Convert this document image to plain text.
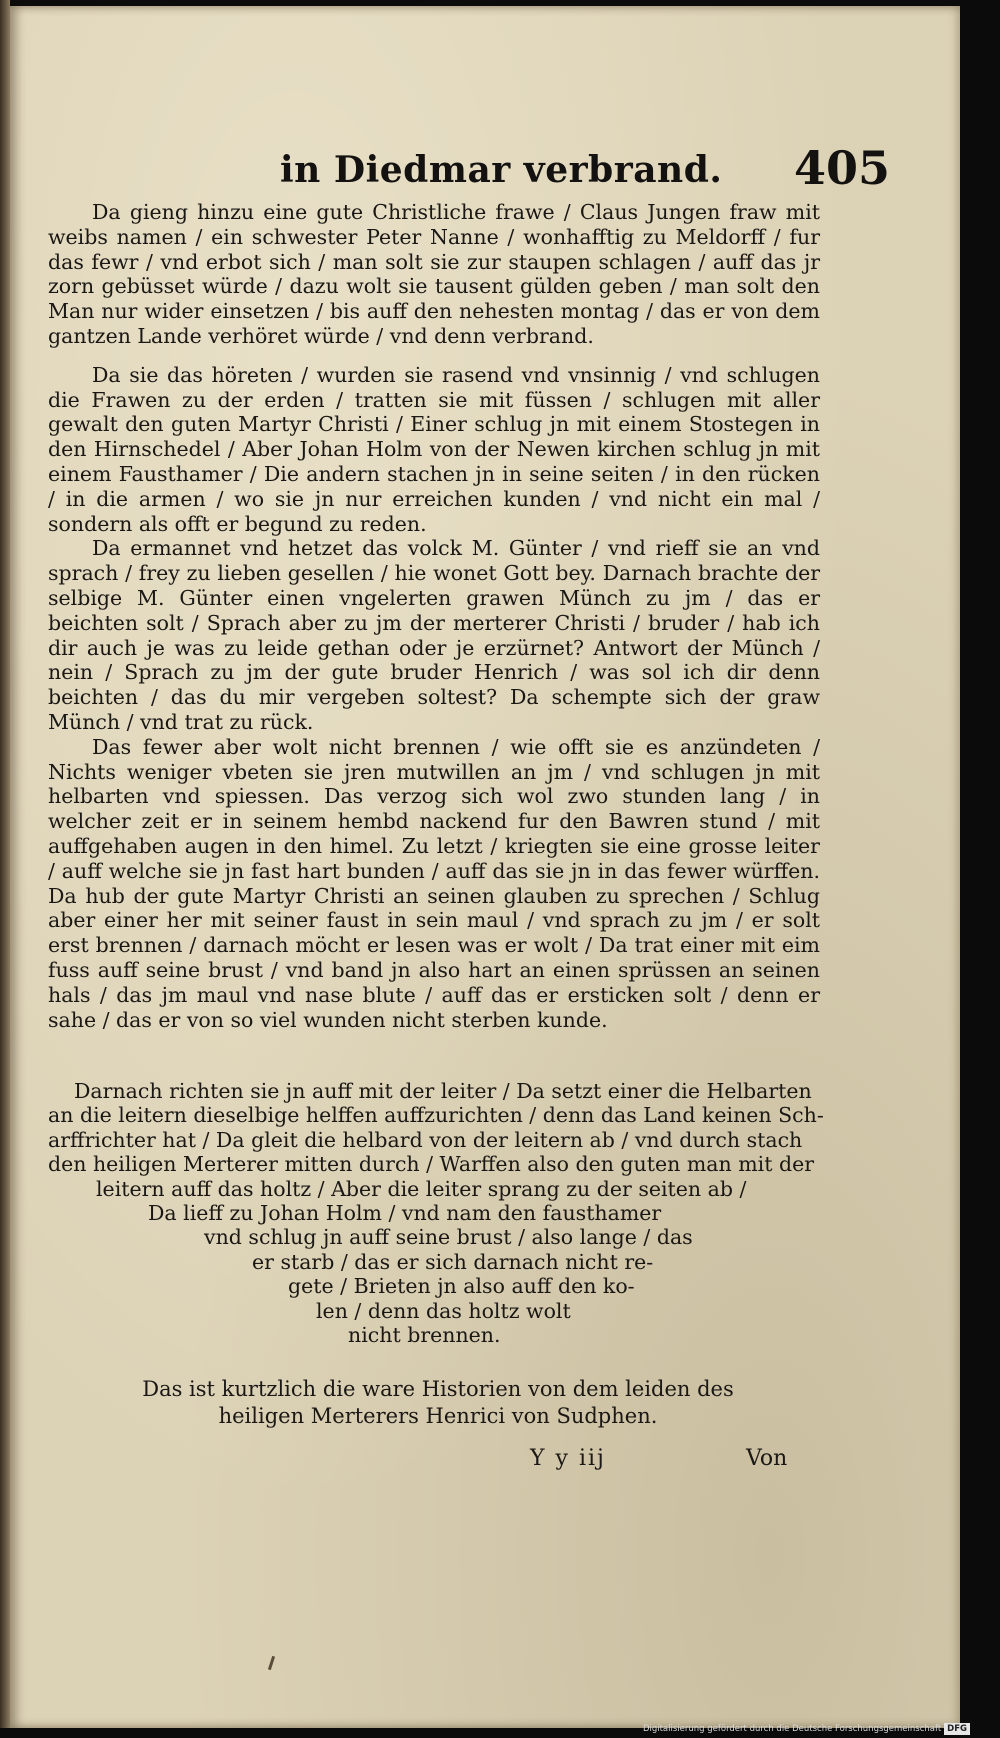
in Diedmar verbrand. 405

Da gieng hinzu eine gute Christliche frawe / Claus Jungen fraw mit weibs namen / ein schwester Peter Nanne / wonhafftig zu Meldorff / fur das fewr / vnd erbot sich / man solt sie zur staupen schlagen / auff das jr zorn gebüsset würde / dazu wolt sie tausent gülden geben / man solt den Man nur wider einsetzen / bis auff den nehesten montag / das er von dem gantzen Lande verhöret würde / vnd denn verbrand.

Da sie das höreten / wurden sie rasend vnd vnsinnig / vnd schlugen die Frawen zu der erden / tratten sie mit füssen / schlugen mit aller gewalt den guten Martyr Christi / Einer schlug jn mit einem Stostegen in den Hirnschedel / Aber Johan Holm von der Newen kirchen schlug jn mit einem Fausthamer / Die andern stachen jn in seine seiten / in den rücken / in die armen / wo sie jn nur erreichen kunden / vnd nicht ein mal / sondern als offt er begund zu reden.

Da ermannet vnd hetzet das volck M. Günter / vnd rieff sie an vnd sprach / frey zu lieben gesellen / hie wonet Gott bey. Darnach brachte der selbige M. Günter einen vngelerten grawen Münch zu jm / das er beichten solt / Sprach aber zu jm der merterer Christi / bruder / hab ich dir auch je was zu leide gethan oder je erzürnet? Antwort der Münch / nein / Sprach zu jm der gute bruder Henrich / was sol ich dir denn beichten / das du mir vergeben soltest? Da schempte sich der graw Münch / vnd trat zu rück.

Das fewer aber wolt nicht brennen / wie offt sie es anzündeten / Nichts weniger vbeten sie jren mutwillen an jm / vnd schlugen jn mit helbarten vnd spiessen. Das verzog sich wol zwo stunden lang / in welcher zeit er in seinem hembd nackend fur den Bawren stund / mit auffgehaben augen in den himel. Zu letzt / kriegten sie eine grosse leiter / auff welche sie jn fast hart bunden / auff das sie jn in das fewer würffen. Da hub der gute Martyr Christi an seinen glauben zu sprechen / Schlug aber einer her mit seiner faust in sein maul / vnd sprach zu jm / er solt erst brennen / darnach möcht er lesen was er wolt / Da trat einer mit eim fuss auff seine brust / vnd band jn also hart an einen sprüssen an seinen hals / das jm maul vnd nase blute / auff das er ersticken solt / denn er sahe / das er von so viel wunden nicht sterben kunde.

Darnach richten sie jn auff mit der leiter / Da setzt einer die Helbarten
an die leitern dieselbige helffen auffzurichten / denn das Land keinen Sch-
arffrichter hat / Da gleit die helbard von der leitern ab / vnd durch stach
den heiligen Merterer mitten durch / Warffen also den guten man mit der
leitern auff das holtz / Aber die leiter sprang zu der seiten ab /
Da lieff zu Johan Holm / vnd nam den fausthamer
vnd schlug jn auff seine brust / also lange / das
er starb / das er sich darnach nicht re-
gete / Brieten jn also auff den ko-
len / denn das holtz wolt
nicht brennen.
Das ist kurtzlich die ware Historien von dem leiden des
heiligen Merterers Henrici von Sudphen.
Y y iij	Von
Digitalisierung gefördert durch die Deutsche Forschungsgemeinschaft DFG
